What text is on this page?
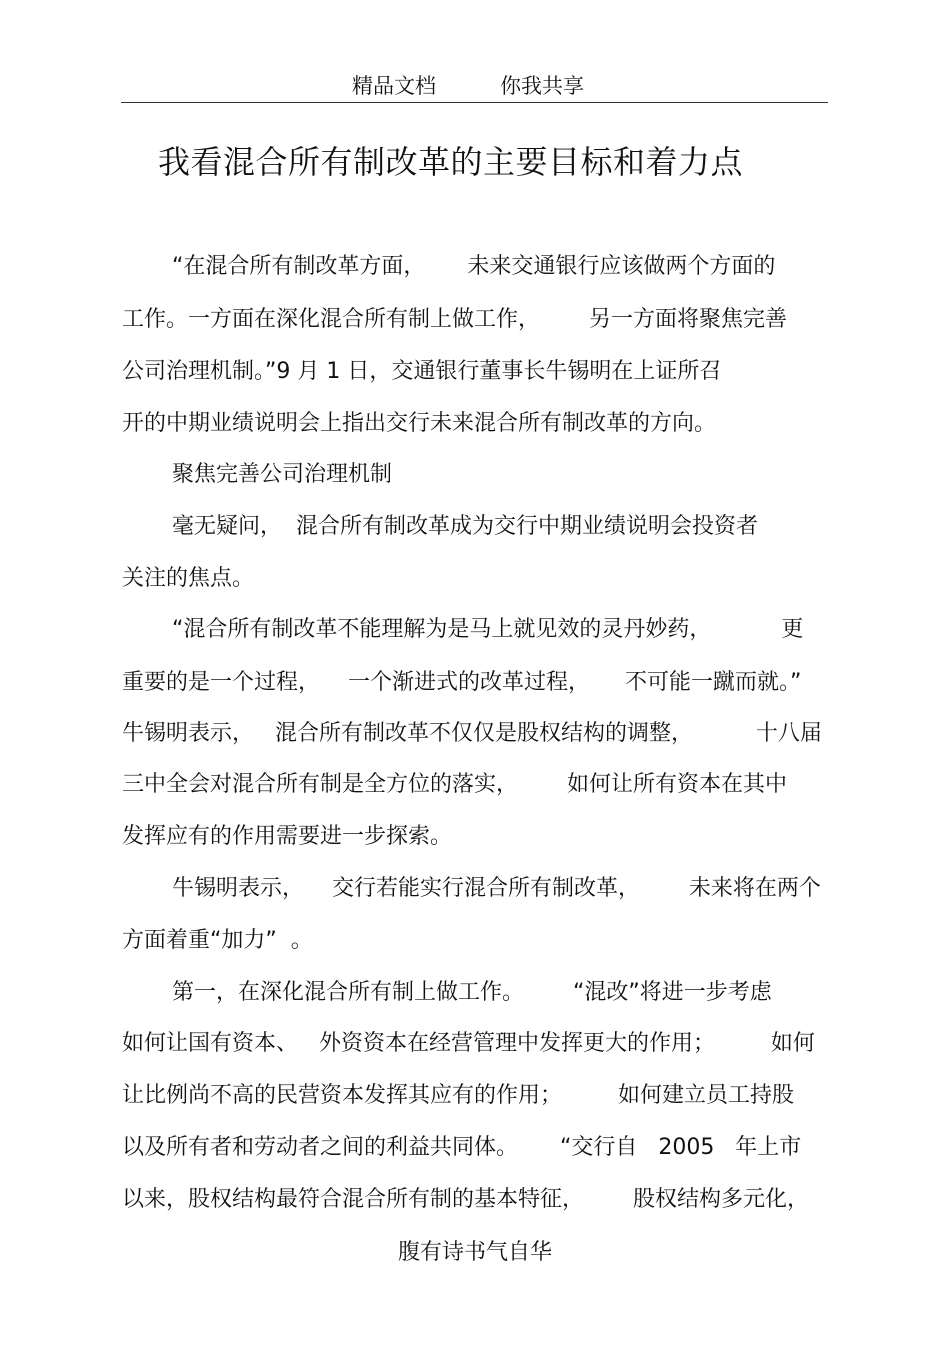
精品文档	你我共享
我看混合所有制改革的主要目标和着力点
“在混合所有制改革方面，      未来交通银行应该做两个方面的
工作。一方面在深化混合所有制上做工作，       另一方面将聚焦完善
公司治理机制。”9 月 1 日，交通银行董事长牛锡明在上证所召
开的中期业绩说明会上指出交行未来混合所有制改革的方向。
聚焦完善公司治理机制
毫无疑问，  混合所有制改革成为交行中期业绩说明会投资者
关注的焦点。
“混合所有制改革不能理解为是马上就见效的灵丹妙药，          更
重要的是一个过程，    一个渐进式的改革过程，     不可能一蹴而就。”
牛锡明表示，   混合所有制改革不仅仅是股权结构的调整，         十八届
三中全会对混合所有制是全方位的落实，       如何让所有资本在其中
发挥应有的作用需要进一步探索。
牛锡明表示，    交行若能实行混合所有制改革，       未来将在两个
方面着重“加力”  。
第一，在深化混合所有制上做工作。       “混改”将进一步考虑
如何让国有资本、   外资资本在经营管理中发挥更大的作用；        如何
让比例尚不高的民营资本发挥其应有的作用；        如何建立员工持股
以及所有者和劳动者之间的利益共同体。      “交行自   2005   年上市
以来，股权结构最符合混合所有制的基本特征，       股权结构多元化，
腹有诗书气自华
